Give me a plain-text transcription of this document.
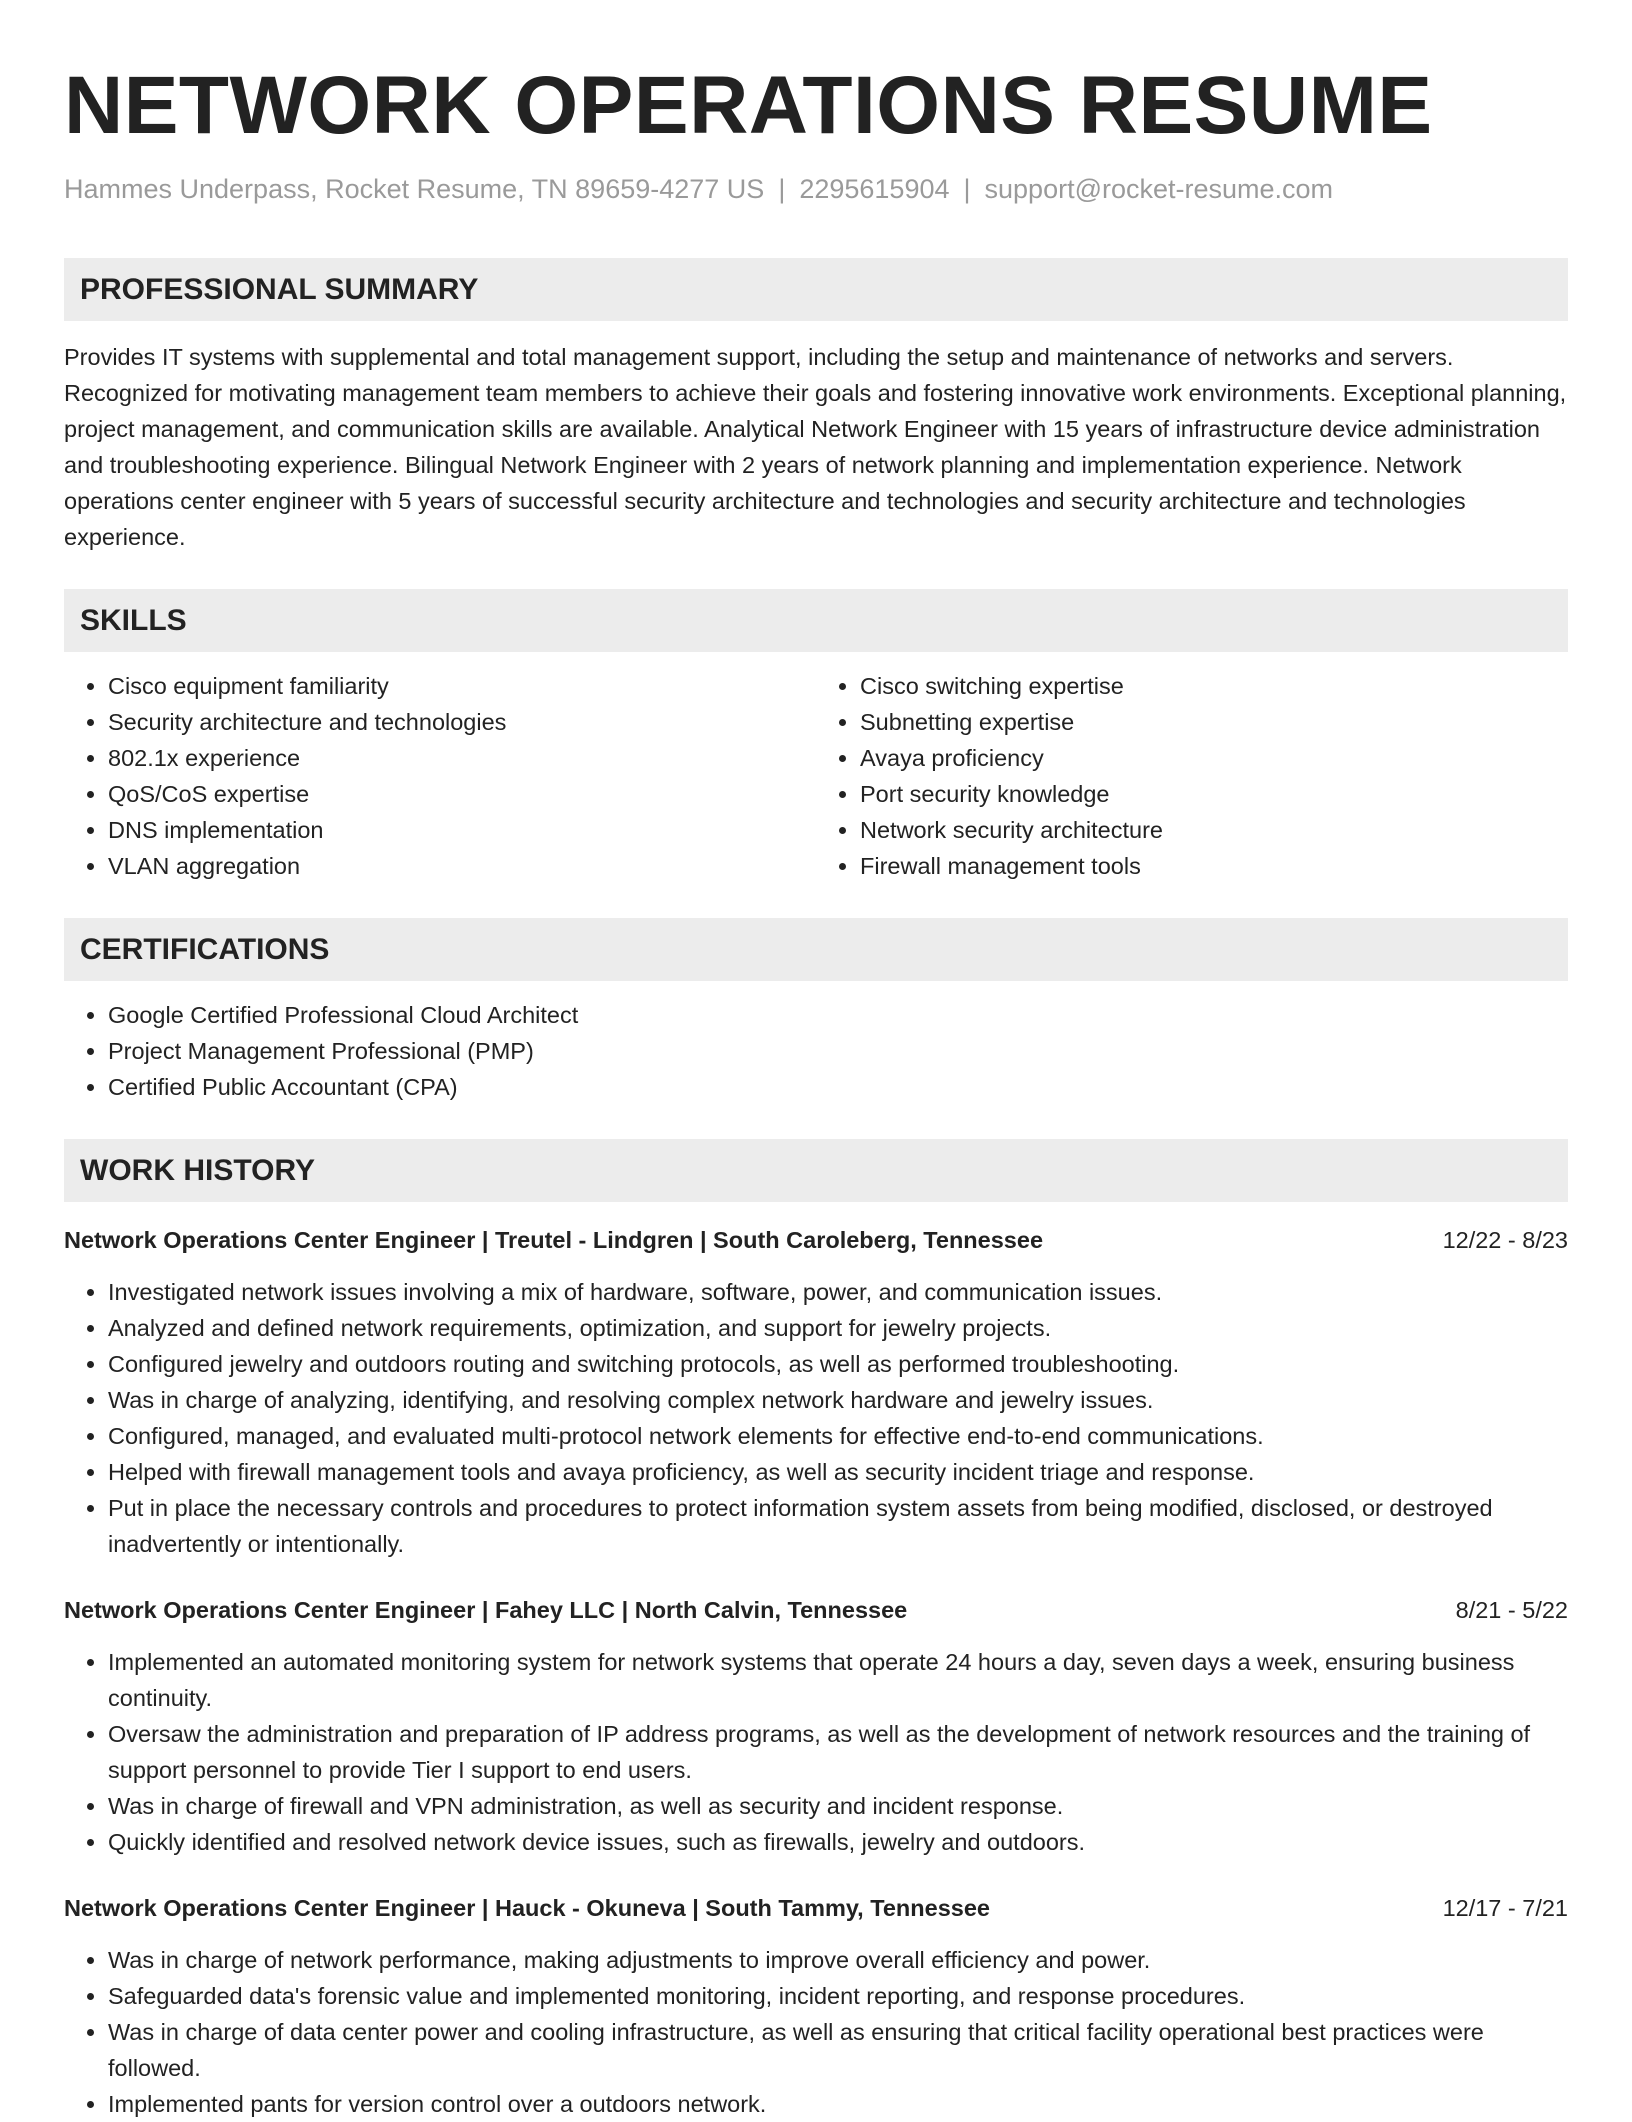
NETWORK OPERATIONS RESUME
Hammes Underpass, Rocket Resume, TN 89659-4277 US | 2295615904 | support@rocket-resume.com
PROFESSIONAL SUMMARY

Provides IT systems with supplemental and total management support, including the setup and maintenance of networks and servers. Recognized for motivating management team members to achieve their goals and fostering innovative work environments. Exceptional planning, project management, and communication skills are available. Analytical Network Engineer with 15 years of infrastructure device administration and troubleshooting experience. Bilingual Network Engineer with 2 years of network planning and implementation experience. Network operations center engineer with 5 years of successful security architecture and technologies and security architecture and technologies experience.

SKILLS
• Cisco equipment familiarity
• Security architecture and technologies
• 802.1x experience
• QoS/CoS expertise
• DNS implementation
• VLAN aggregation
• Cisco switching expertise
• Subnetting expertise
• Avaya proficiency
• Port security knowledge
• Network security architecture
• Firewall management tools
CERTIFICATIONS
• Google Certified Professional Cloud Architect
• Project Management Professional (PMP)
• Certified Public Accountant (CPA)
WORK HISTORY
Network Operations Center Engineer | Treutel - Lindgren | South Caroleberg, Tennessee	12/22 - 8/23
• Investigated network issues involving a mix of hardware, software, power, and communication issues.
• Analyzed and defined network requirements, optimization, and support for jewelry projects.
• Configured jewelry and outdoors routing and switching protocols, as well as performed troubleshooting.
• Was in charge of analyzing, identifying, and resolving complex network hardware and jewelry issues.
• Configured, managed, and evaluated multi-protocol network elements for effective end-to-end communications.
• Helped with firewall management tools and avaya proficiency, as well as security incident triage and response.
• Put in place the necessary controls and procedures to protect information system assets from being modified, disclosed, or destroyed inadvertently or intentionally.
Network Operations Center Engineer | Fahey LLC | North Calvin, Tennessee	8/21 - 5/22
• Implemented an automated monitoring system for network systems that operate 24 hours a day, seven days a week, ensuring business continuity.
• Oversaw the administration and preparation of IP address programs, as well as the development of network resources and the training of support personnel to provide Tier I support to end users.
• Was in charge of firewall and VPN administration, as well as security and incident response.
• Quickly identified and resolved network device issues, such as firewalls, jewelry and outdoors.
Network Operations Center Engineer | Hauck - Okuneva | South Tammy, Tennessee	12/17 - 7/21
• Was in charge of network performance, making adjustments to improve overall efficiency and power.
• Safeguarded data's forensic value and implemented monitoring, incident reporting, and response procedures.
• Was in charge of data center power and cooling infrastructure, as well as ensuring that critical facility operational best practices were followed.
• Implemented pants for version control over a outdoors network.
